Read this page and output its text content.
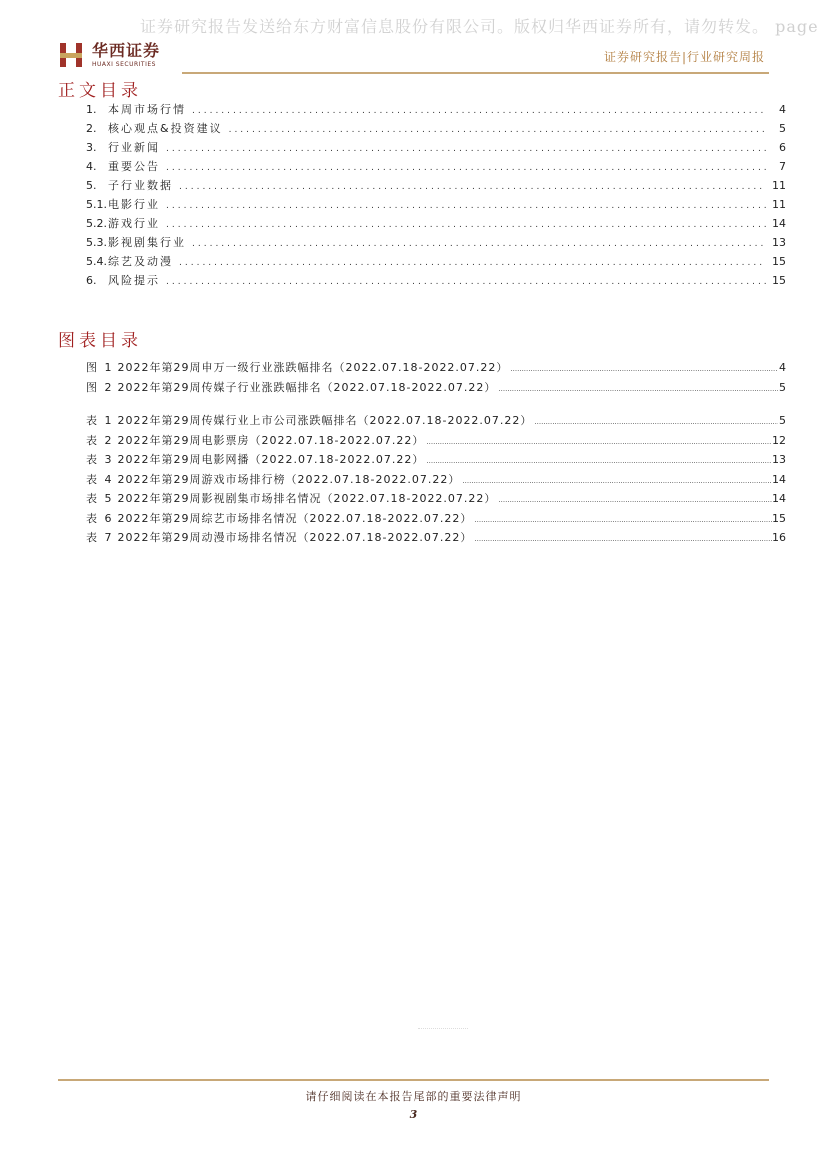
证券研究报告发送给东方财富信息股份有限公司。版权归华西证券所有，请勿转发。 page
华西证券
HUAXI SECURITIES	证券研究报告|行业研究周报
正文目录
1.	本周市场行情 .....	4
2.	核心观点&投资建议 .....	5
3.	行业新闻 .....	6
4.	重要公告 .....	7
5.	子行业数据 .....	11
5.1. 电影行业 .....	11
5.2. 游戏行业 .....	14
5.3. 影视剧集行业 .....	13
5.4. 综艺及动漫 .....	15
6.	风险提示 .....	15
图表目录
图 1 2022年第29周申万一级行业涨跌幅排名（2022.07.18-2022.07.22） .....	4
图 2 2022年第29周传媒子行业涨跌幅排名（2022.07.18-2022.07.22） .....	5
表 1 2022年第29周传媒行业上市公司涨跌幅排名（2022.07.18-2022.07.22） .....	5
表 2 2022年第29周电影票房（2022.07.18-2022.07.22） .....	12
表 3 2022年第29周电影网播（2022.07.18-2022.07.22） .....	13
表 4 2022年第29周游戏市场排行榜（2022.07.18-2022.07.22） .....	14
表 5 2022年第29周影视剧集市场排名情况（2022.07.18-2022.07.22） .....	14
表 6 2022年第29周综艺市场排名情况（2022.07.18-2022.07.22） .....	15
表 7 2022年第29周动漫市场排名情况（2022.07.18-2022.07.22） .....	16
请仔细阅读在本报告尾部的重要法律声明
3
